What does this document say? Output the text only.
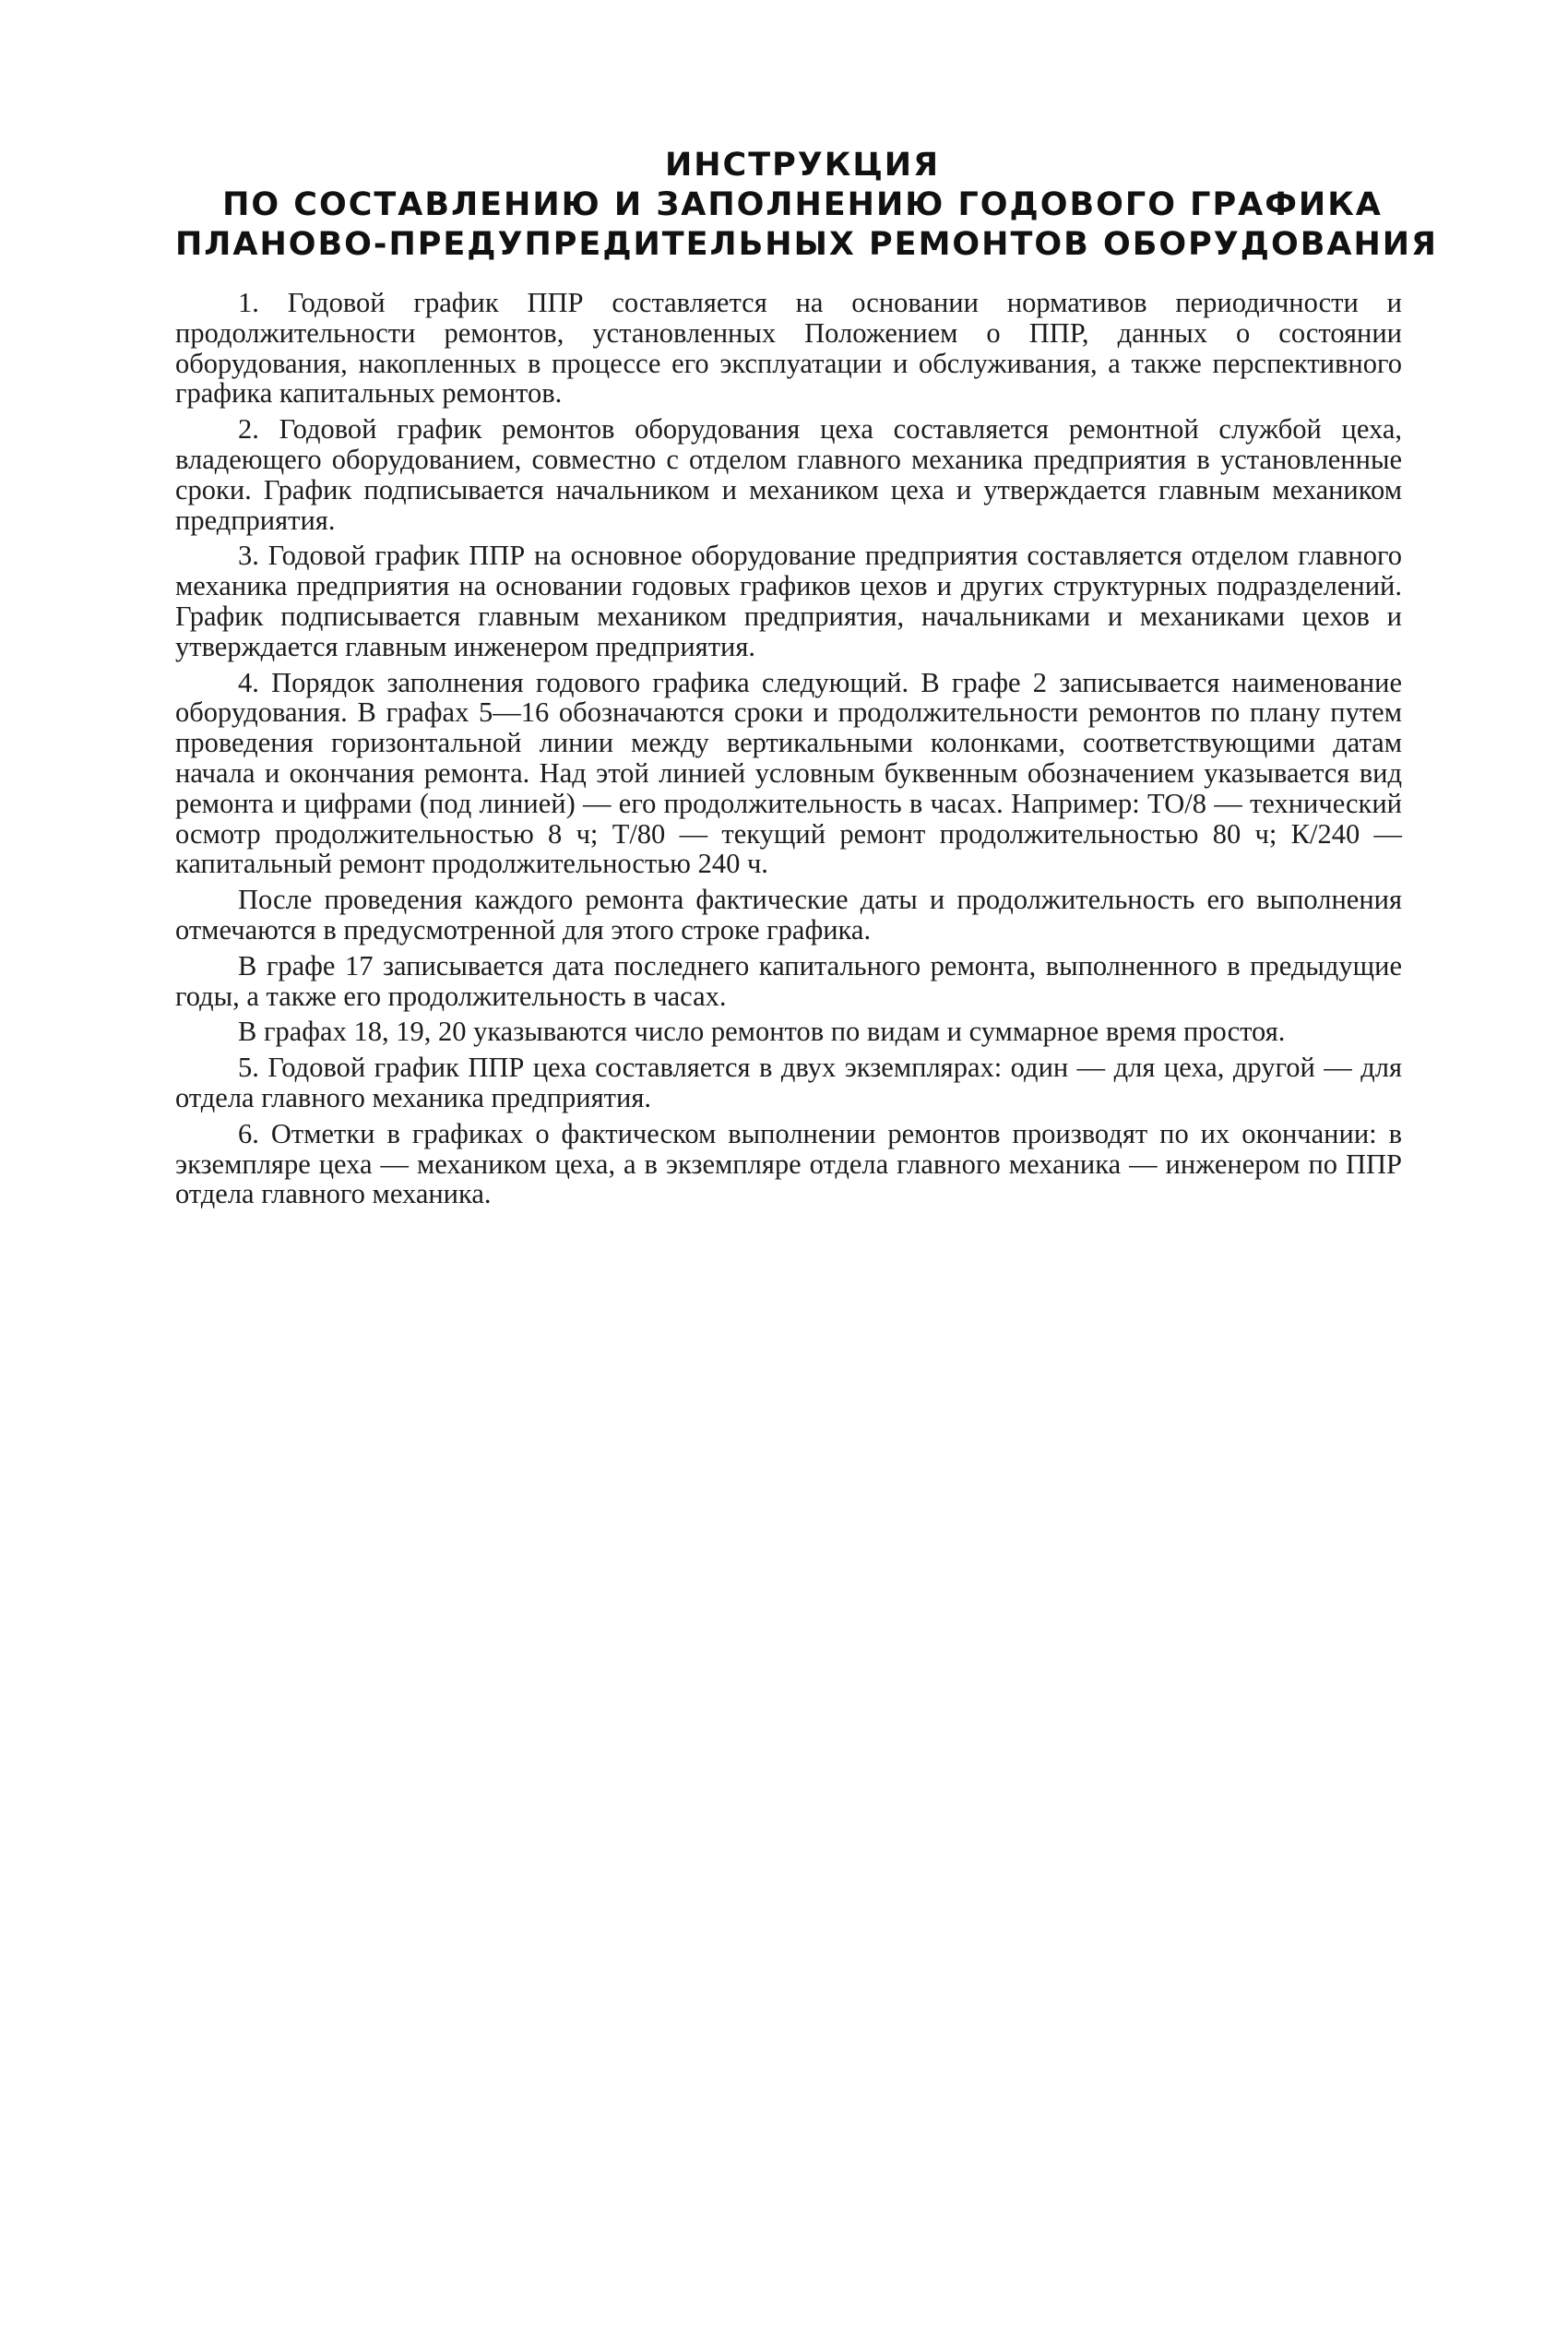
ИНСТРУКЦИЯ
ПО СОСТАВЛЕНИЮ И ЗАПОЛНЕНИЮ ГОДОВОГО ГРАФИКА
ПЛАНОВО-ПРЕДУПРЕДИТЕЛЬНЫХ РЕМОНТОВ ОБОРУДОВАНИЯ

1. Годовой график ППР составляется на основании нормативов периодичности и продолжительности ремонтов, установленных Положением о ППР, данных о состоянии оборудования, накопленных в процессе его эксплуатации и обслуживания, а также перспективного графика капитальных ремонтов.

2. Годовой график ремонтов оборудования цеха составляется ремонтной службой цеха, владеющего оборудованием, совместно с отделом главного механика предприятия в установленные сроки. График подписывается начальником и механиком цеха и утверждается главным механиком предприятия.

3. Годовой график ППР на основное оборудование предприятия составляется отделом главного механика предприятия на основании годовых графиков цехов и других структурных подразделений. График подписывается главным механиком предприятия, начальниками и механиками цехов и утверждается главным инженером предприятия.

4. Порядок заполнения годового графика следующий. В графе 2 записывается наименование оборудования. В графах 5—16 обозначаются сроки и продолжительности ремонтов по плану путем проведения горизонтальной линии между вертикальными колонками, соответствующими датам начала и окончания ремонта. Над этой линией условным буквенным обозначением указывается вид ремонта и цифрами (под линией) — его продолжительность в часах. Например: ТО/8 — технический осмотр продолжительностью 8 ч; Т/80 — текущий ремонт продолжительностью 80 ч; К/240 — капитальный ремонт продолжительностью 240 ч.

После проведения каждого ремонта фактические даты и продолжительность его выполнения отмечаются в предусмотренной для этого строке графика.

В графе 17 записывается дата последнего капитального ремонта, выполненного в предыдущие годы, а также его продолжительность в часах.

В графах 18, 19, 20 указываются число ремонтов по видам и суммарное время простоя.

5. Годовой график ППР цеха составляется в двух экземплярах: один — для цеха, другой — для отдела главного механика предприятия.

6. Отметки в графиках о фактическом выполнении ремонтов производят по их окончании: в экземпляре цеха — механиком цеха, а в экземпляре отдела главного механика — инженером по ППР отдела главного механика.
